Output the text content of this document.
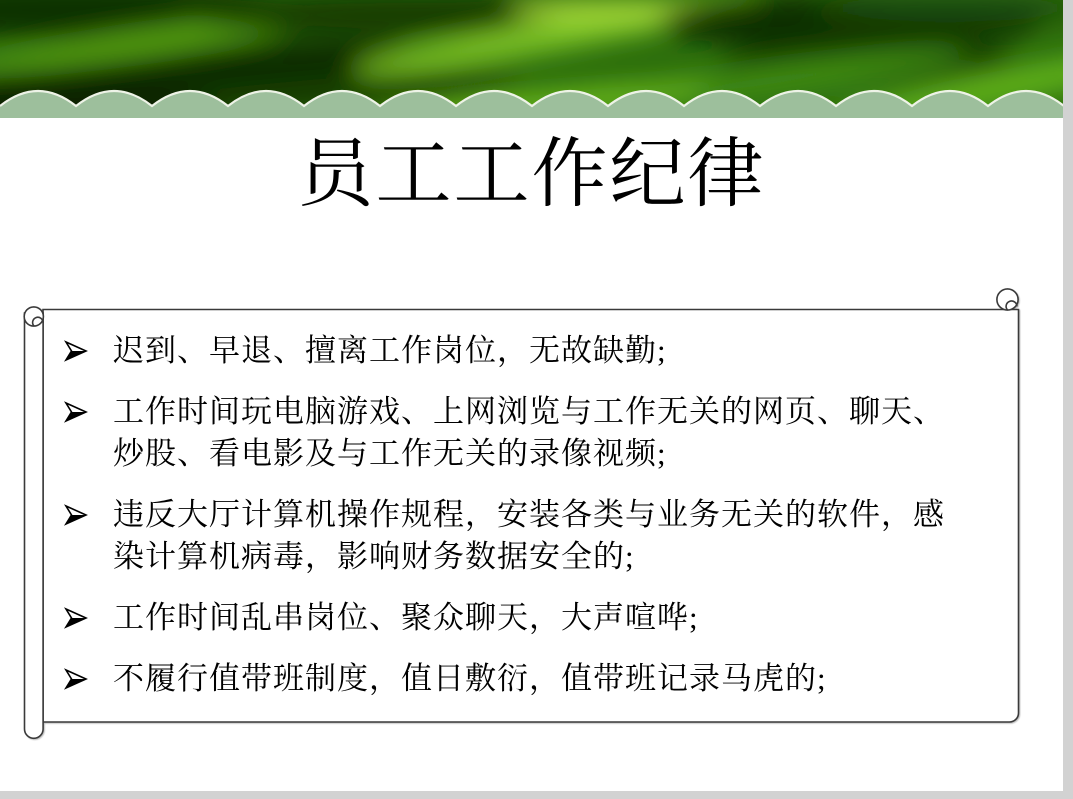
员工工作纪律
迟到、早退、擅离工作岗位，无故缺勤;
工作时间玩电脑游戏、上网浏览与工作无关的网页、聊天、
炒股、看电影及与工作无关的录像视频;
违反大厅计算机操作规程，安装各类与业务无关的软件，感
染计算机病毒，影响财务数据安全的;
工作时间乱串岗位、聚众聊天，大声喧哗;
不履行值带班制度，值日敷衍，值带班记录马虎的;
